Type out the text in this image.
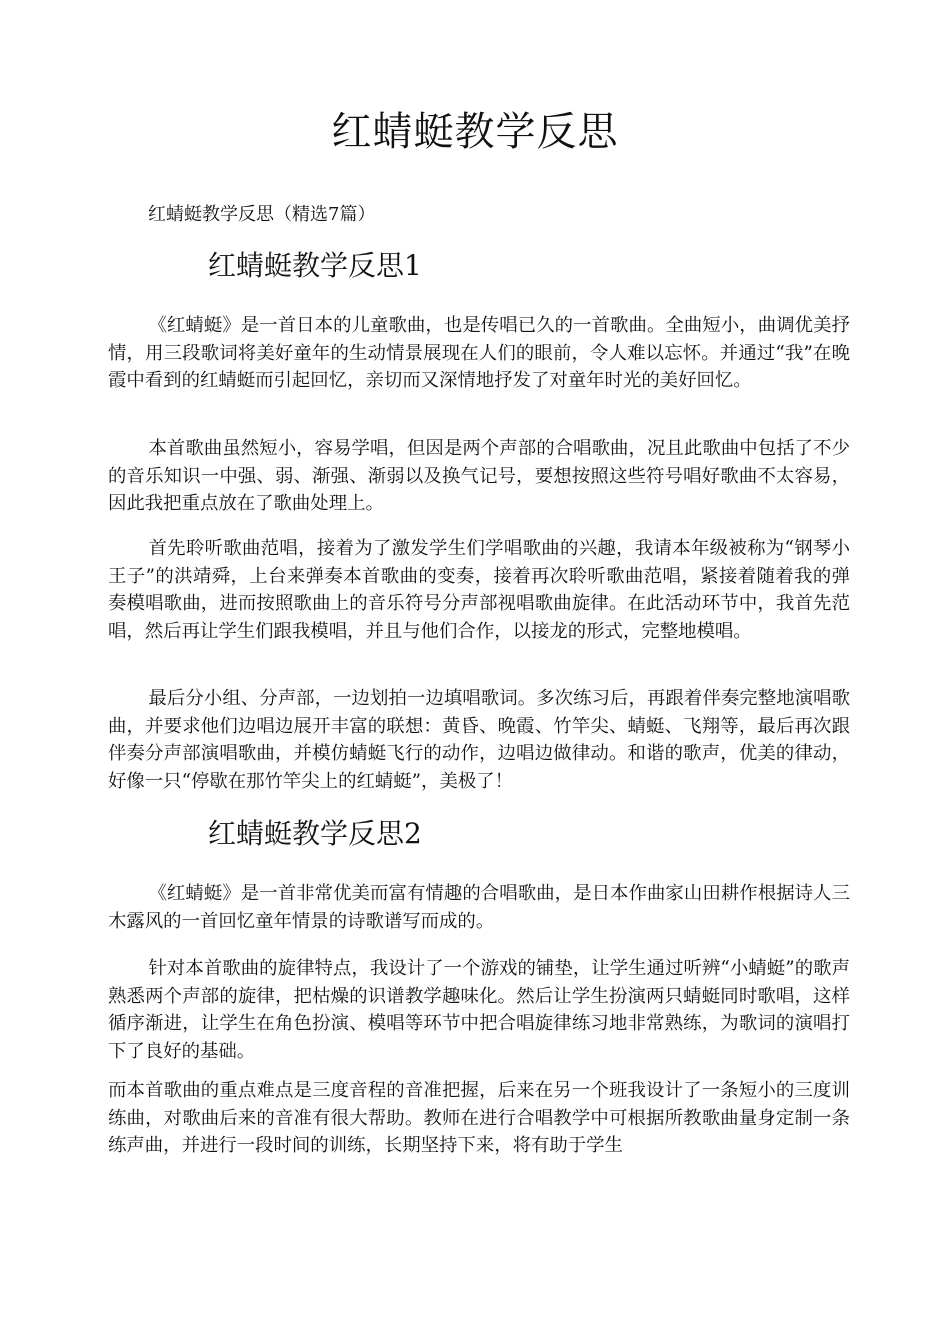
红蜻蜓教学反思

红蜻蜓教学反思（精选7篇）

红蜻蜓教学反思1

《红蜻蜓》是一首日本的儿童歌曲，也是传唱已久的一首歌曲。全曲短小，曲调优美抒情，用三段歌词将美好童年的生动情景展现在人们的眼前，令人难以忘怀。并通过“我”在晚霞中看到的红蜻蜓而引起回忆，亲切而又深情地抒发了对童年时光的美好回忆。

本首歌曲虽然短小，容易学唱，但因是两个声部的合唱歌曲，况且此歌曲中包括了不少的音乐知识一中强、弱、渐强、渐弱以及换气记号，要想按照这些符号唱好歌曲不太容易，因此我把重点放在了歌曲处理上。

首先聆听歌曲范唱，接着为了激发学生们学唱歌曲的兴趣，我请本年级被称为“钢琴小王子”的洪靖舜，上台来弹奏本首歌曲的变奏，接着再次聆听歌曲范唱，紧接着随着我的弹奏模唱歌曲，进而按照歌曲上的音乐符号分声部视唱歌曲旋律。在此活动环节中，我首先范唱，然后再让学生们跟我模唱，并且与他们合作，以接龙的形式，完整地模唱。

最后分小组、分声部，一边划拍一边填唱歌词。多次练习后，再跟着伴奏完整地演唱歌曲，并要求他们边唱边展开丰富的联想：黄昏、晚霞、竹竿尖、蜻蜓、飞翔等，最后再次跟伴奏分声部演唱歌曲，并模仿蜻蜓飞行的动作，边唱边做律动。和谐的歌声，优美的律动，好像一只“停歇在那竹竿尖上的红蜻蜓”，美极了！

红蜻蜓教学反思2

《红蜻蜓》是一首非常优美而富有情趣的合唱歌曲，是日本作曲家山田耕作根据诗人三木露风的一首回忆童年情景的诗歌谱写而成的。

针对本首歌曲的旋律特点，我设计了一个游戏的铺垫，让学生通过听辨“小蜻蜓”的歌声熟悉两个声部的旋律，把枯燥的识谱教学趣味化。然后让学生扮演两只蜻蜓同时歌唱，这样循序渐进，让学生在角色扮演、模唱等环节中把合唱旋律练习地非常熟练，为歌词的演唱打下了良好的基础。

而本首歌曲的重点难点是三度音程的音准把握，后来在另一个班我设计了一条短小的三度训练曲，对歌曲后来的音准有很大帮助。教师在进行合唱教学中可根据所教歌曲量身定制一条练声曲，并进行一段时间的训练，长期坚持下来，将有助于学生
